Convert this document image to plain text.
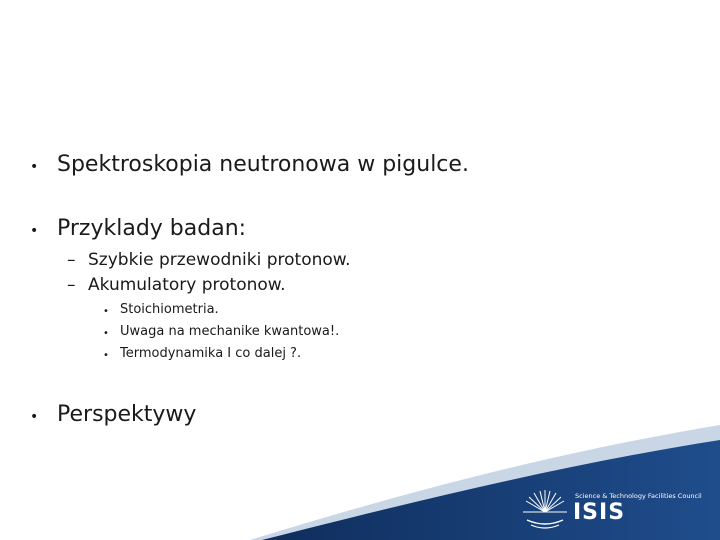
• Spektroskopia neutronowa w pigulce.
• Przyklady badan:
– Szybkie przewodniki protonow.
– Akumulatory protonow.
• Stoichiometria.
• Uwaga na mechanike kwantowa!.
• Termodynamika I co dalej ?.
• Perspektywy
Science & Technology Facilities Council
ISIS
